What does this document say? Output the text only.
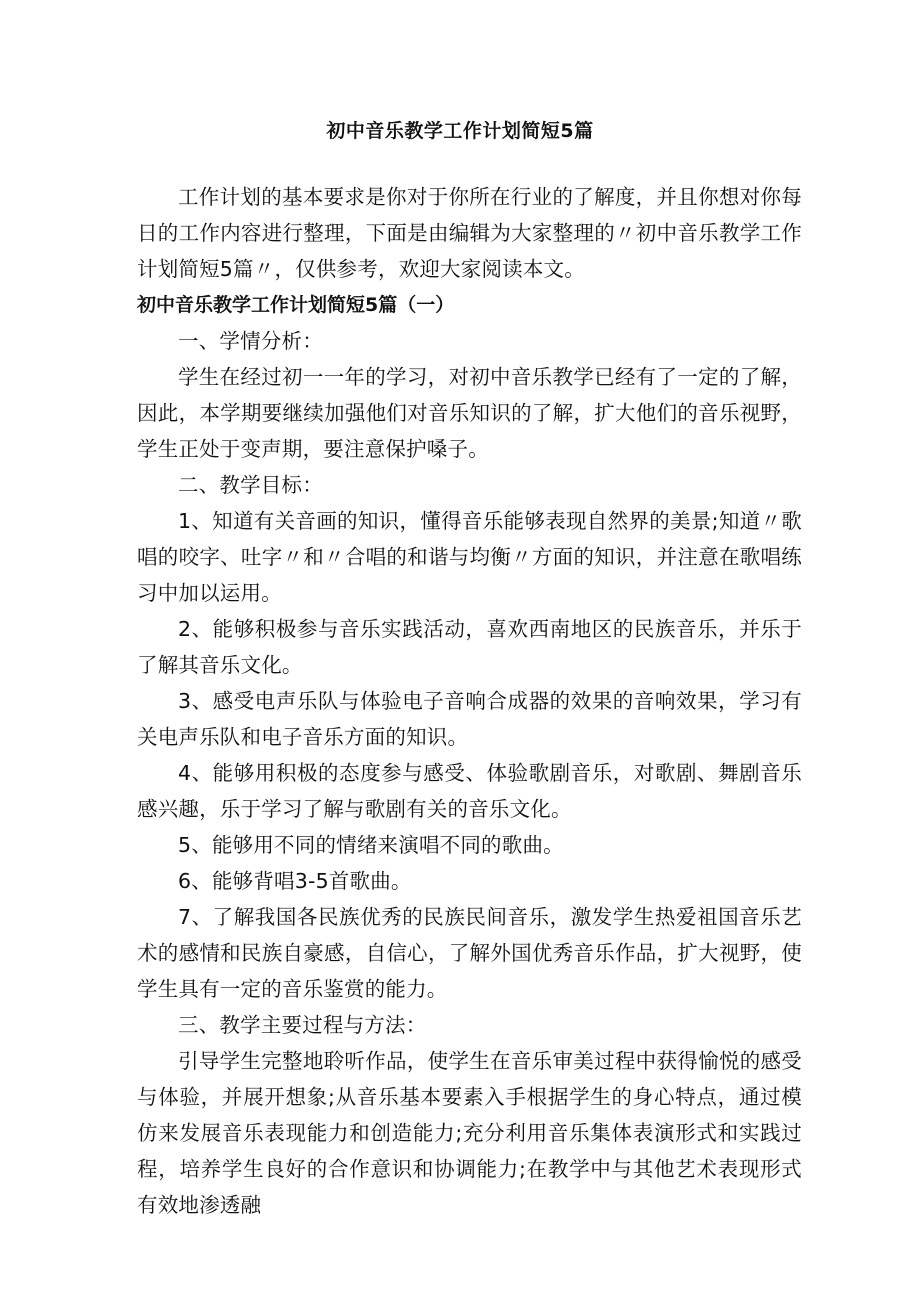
初中音乐教学工作计划简短5篇

工作计划的基本要求是你对于你所在行业的了解度，并且你想对你每日的工作内容进行整理，下面是由编辑为大家整理的〃初中音乐教学工作计划简短5篇〃，仅供参考，欢迎大家阅读本文。

初中音乐教学工作计划简短5篇（一）

一、学情分析：

学生在经过初一一年的学习，对初中音乐教学已经有了一定的了解，因此，本学期要继续加强他们对音乐知识的了解，扩大他们的音乐视野，学生正处于变声期，要注意保护嗓子。

二、教学目标：

1、知道有关音画的知识，懂得音乐能够表现自然界的美景;知道〃歌唱的咬字、吐字〃和〃合唱的和谐与均衡〃方面的知识，并注意在歌唱练习中加以运用。

2、能够积极参与音乐实践活动，喜欢西南地区的民族音乐，并乐于了解其音乐文化。

3、感受电声乐队与体验电子音响合成器的效果的音响效果，学习有关电声乐队和电子音乐方面的知识。

4、能够用积极的态度参与感受、体验歌剧音乐，对歌剧、舞剧音乐感兴趣，乐于学习了解与歌剧有关的音乐文化。

5、能够用不同的情绪来演唱不同的歌曲。

6、能够背唱3-5首歌曲。

7、了解我国各民族优秀的民族民间音乐，激发学生热爱祖国音乐艺术的感情和民族自豪感，自信心，了解外国优秀音乐作品，扩大视野，使学生具有一定的音乐鉴赏的能力。

三、教学主要过程与方法：

引导学生完整地聆听作品，使学生在音乐审美过程中获得愉悦的感受与体验，并展开想象;从音乐基本要素入手根据学生的身心特点，通过模仿来发展音乐表现能力和创造能力;充分利用音乐集体表演形式和实践过程，培养学生良好的合作意识和协调能力;在教学中与其他艺术表现形式有效地渗透融
